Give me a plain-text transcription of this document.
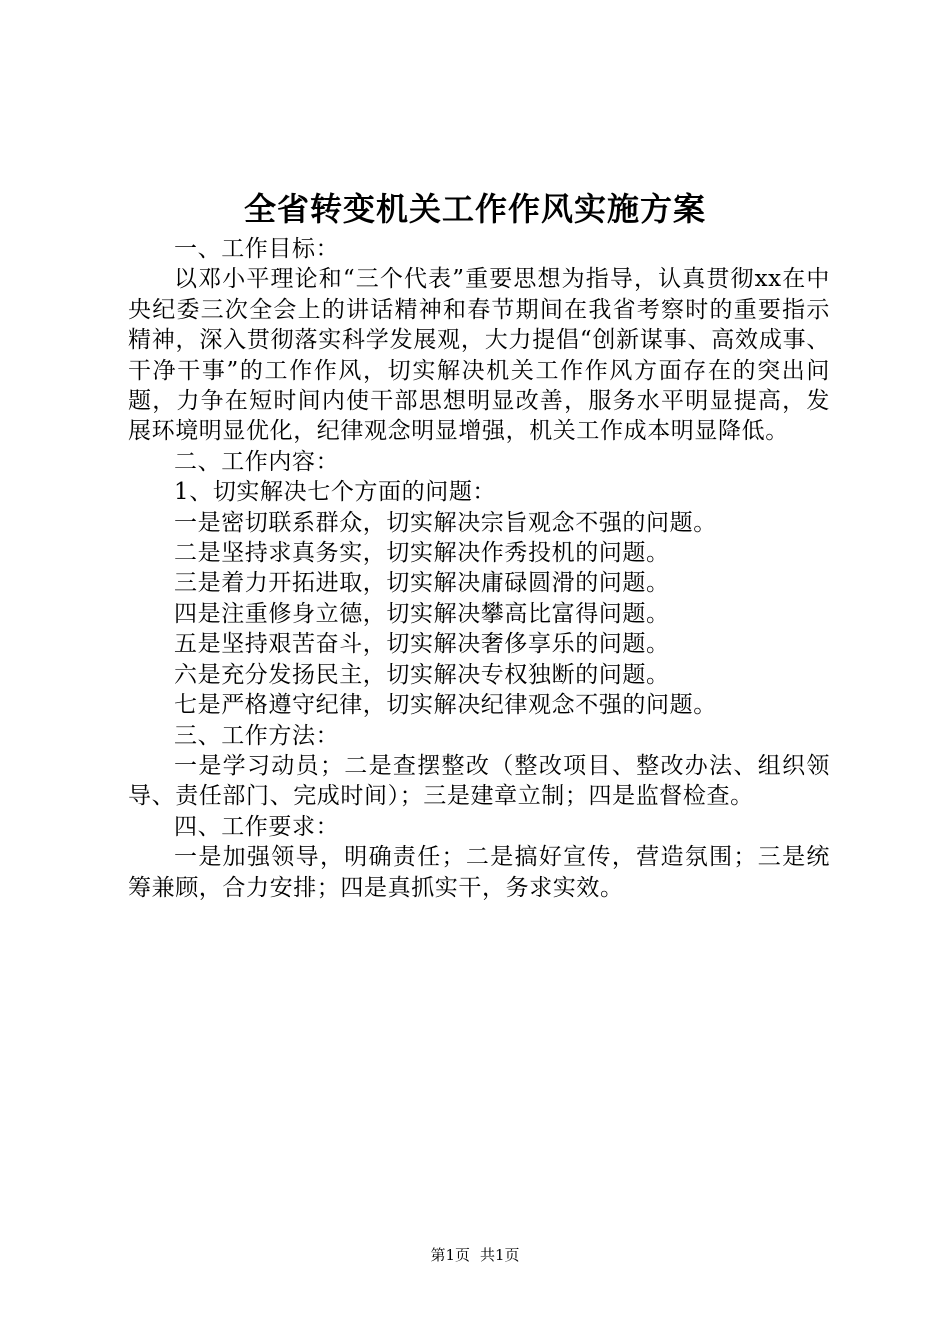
全省转变机关工作作风实施方案

一、工作目标：

以邓小平理论和“三个代表”重要思想为指导，认真贯彻xx在中央纪委三次全会上的讲话精神和春节期间在我省考察时的重要指示精神，深入贯彻落实科学发展观，大力提倡“创新谋事、高效成事、干净干事”的工作作风，切实解决机关工作作风方面存在的突出问题，力争在短时间内使干部思想明显改善，服务水平明显提高，发展环境明显优化，纪律观念明显增强，机关工作成本明显降低。

二、工作内容：

1、切实解决七个方面的问题：

一是密切联系群众，切实解决宗旨观念不强的问题。

二是坚持求真务实，切实解决作秀投机的问题。

三是着力开拓进取，切实解决庸碌圆滑的问题。

四是注重修身立德，切实解决攀高比富得问题。

五是坚持艰苦奋斗，切实解决奢侈享乐的问题。

六是充分发扬民主，切实解决专权独断的问题。

七是严格遵守纪律，切实解决纪律观念不强的问题。

三、工作方法：

一是学习动员；二是查摆整改（整改项目、整改办法、组织领导、责任部门、完成时间）；三是建章立制；四是监督检查。

四、工作要求：

一是加强领导，明确责任；二是搞好宣传，营造氛围；三是统筹兼顾，合力安排；四是真抓实干，务求实效。

第1页 共1页
